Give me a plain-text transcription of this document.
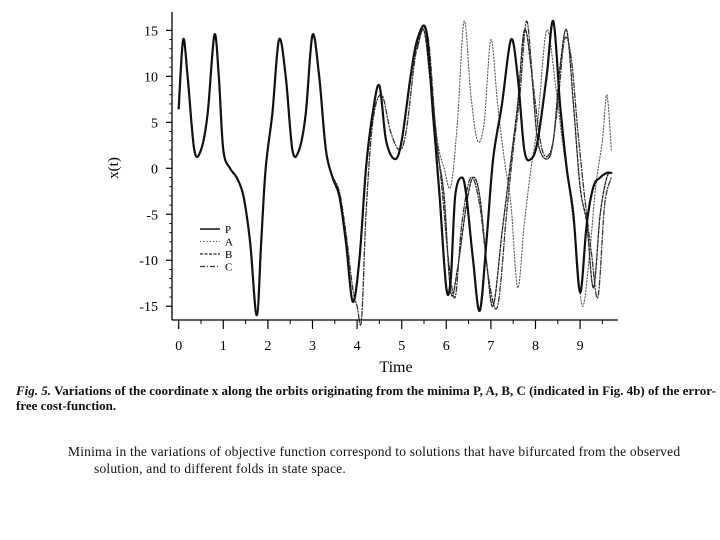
0	1	2	3	4	5	6	7	8	9
15
10
5
0
-5
-10
-15
P
A
B
C
Time
x(t)
Fig. 5. Variations of the coordinate x along the orbits originating from the minima P, A, B, C (indicated in Fig. 4b) of the error-free cost-function.
Minima in the variations of objective function correspond to solutions that have bifurcated from the observed solution, and to different folds in state space.
